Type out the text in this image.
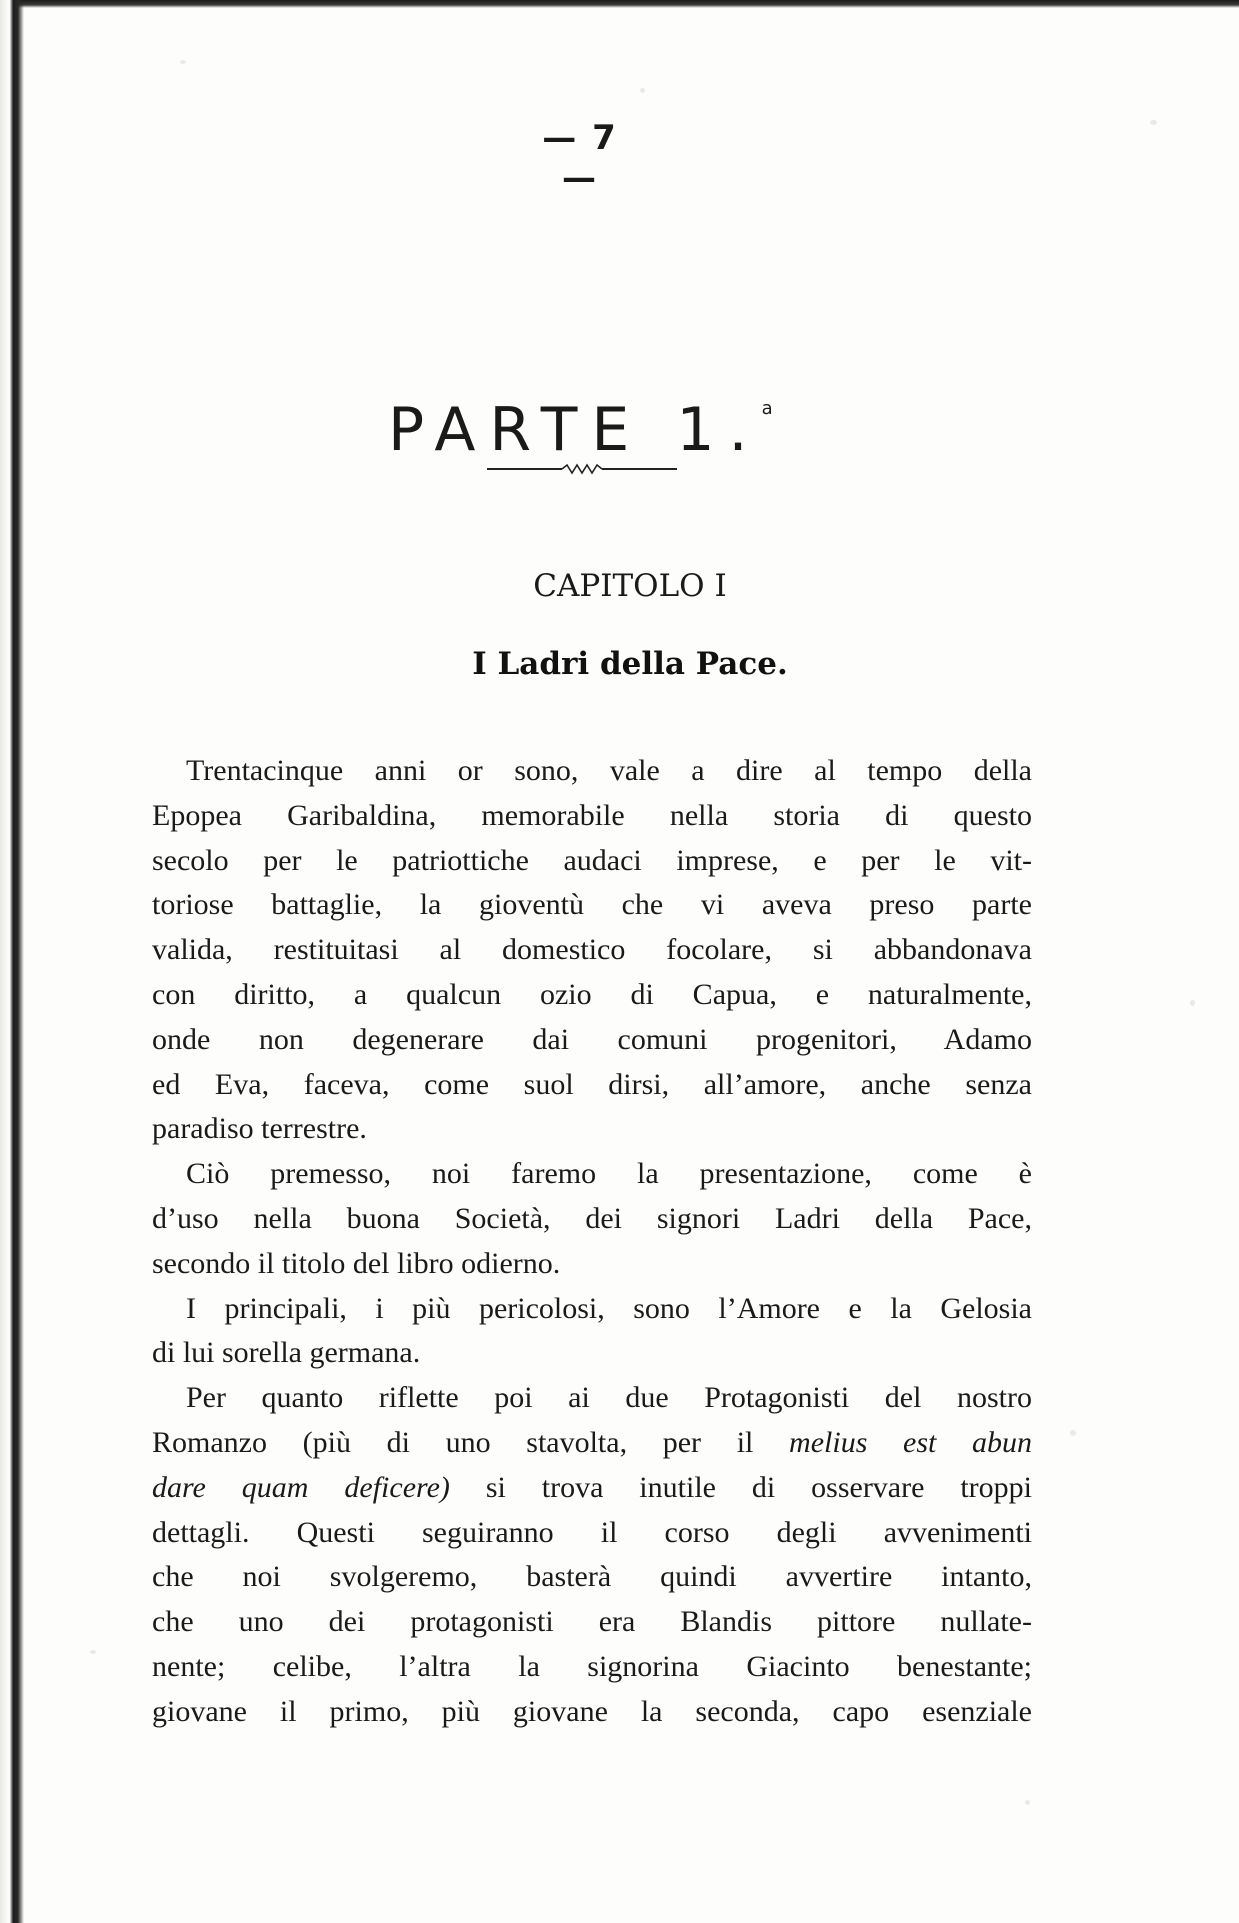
— 7 —
PARTE 1.$^a$
CAPITOLO I
I Ladri della Pace.
Trentacinque anni or sono, vale a dire al tempo della
Epopea Garibaldina, memorabile nella storia di questo
secolo per le patriottiche audaci imprese, e per le vit-
toriose battaglie, la gioventù che vi aveva preso parte
valida, restituitasi al domestico focolare, si abbandonava
con diritto, a qualcun ozio di Capua, e naturalmente,
onde non degenerare dai comuni progenitori, Adamo
ed Eva, faceva, come suol dirsi, all’amore, anche senza
paradiso terrestre.
Ciò premesso, noi faremo la presentazione, come è
d’uso nella buona Società, dei signori Ladri della Pace,
secondo il titolo del libro odierno.
I principali, i più pericolosi, sono l’Amore e la Gelosia
di lui sorella germana.
Per quanto riflette poi ai due Protagonisti del nostro
Romanzo (più di uno stavolta, per il melius est abun
dare quam deficere) si trova inutile di osservare troppi
dettagli. Questi seguiranno il corso degli avvenimenti
che noi svolgeremo, basterà quindi avvertire intanto,
che uno dei protagonisti era Blandis pittore nullate-
nente; celibe, l’altra la signorina Giacinto benestante;
giovane il primo, più giovane la seconda, capo esenziale
